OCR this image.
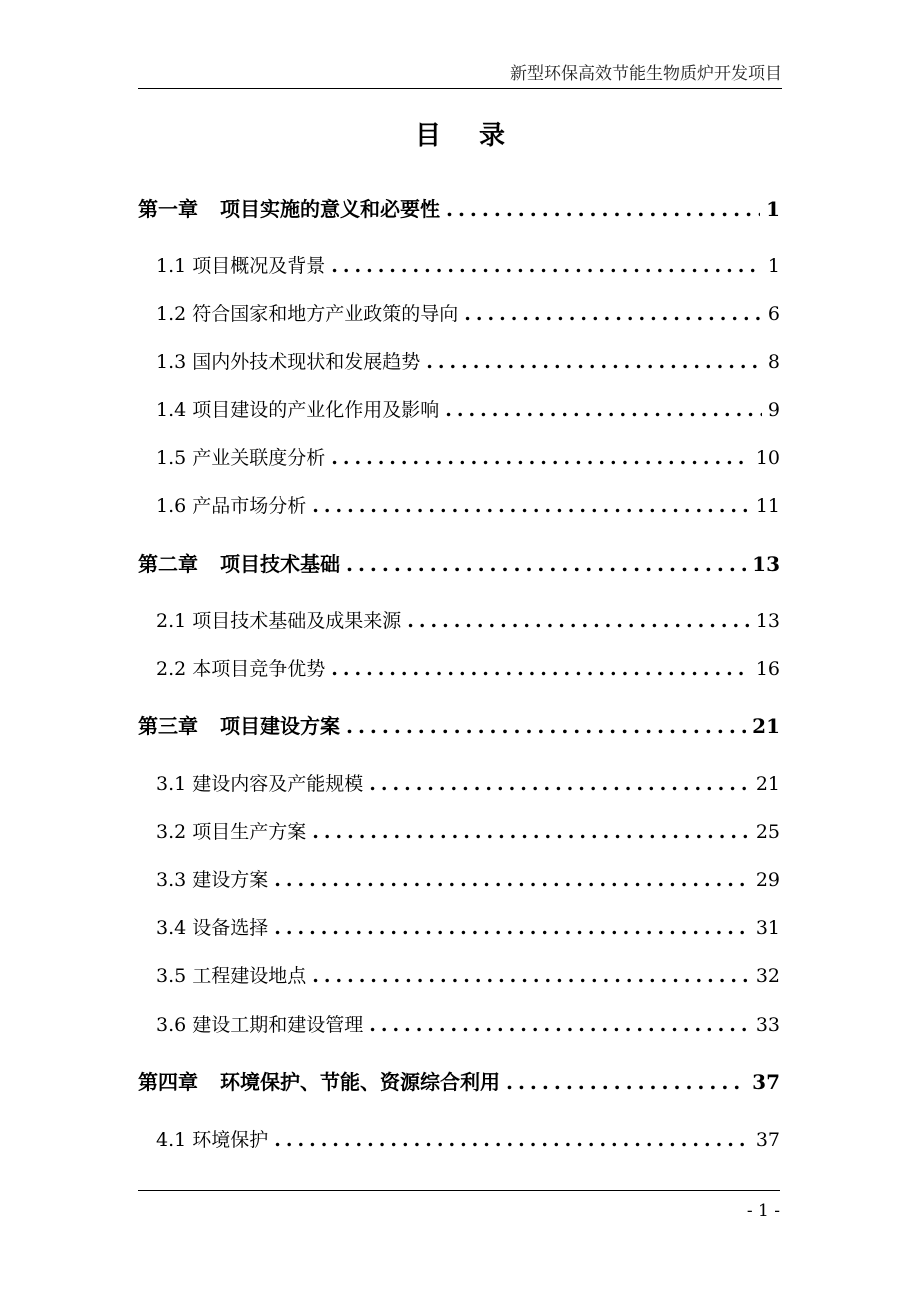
新型环保高效节能生物质炉开发项目
目录
第一章 项目实施的意义和必要性 .....	1
1.1 项目概况及背景 .....	1
1.2 符合国家和地方产业政策的导向 .....	6
1.3 国内外技术现状和发展趋势 .....	8
1.4 项目建设的产业化作用及影响 .....	9
1.5 产业关联度分析 .....	10
1.6 产品市场分析 .....	11
第二章 项目技术基础 .....	13
2.1 项目技术基础及成果来源 .....	13
2.2 本项目竞争优势 .....	16
第三章 项目建设方案 .....	21
3.1 建设内容及产能规模 .....	21
3.2 项目生产方案 .....	25
3.3 建设方案 .....	29
3.4 设备选择 .....	31
3.5 工程建设地点 .....	32
3.6 建设工期和建设管理 .....	33
第四章 环境保护、节能、资源综合利用 .....	37
4.1 环境保护 .....	37
- 1 -
